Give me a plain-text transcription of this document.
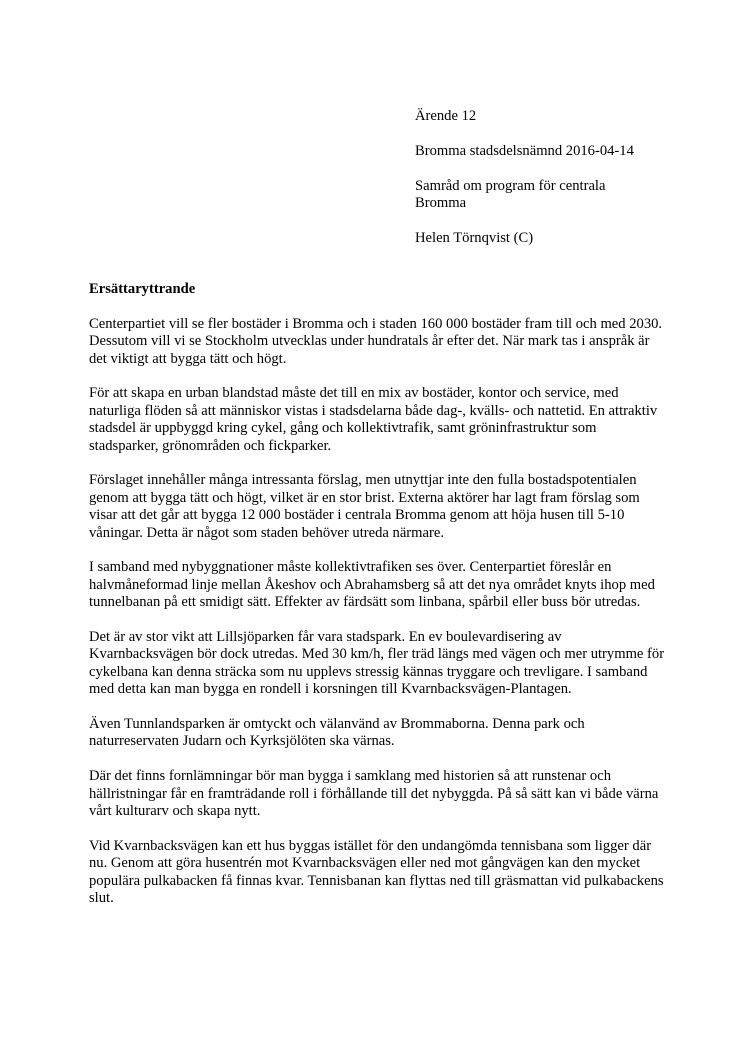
Ärende 12

Bromma stadsdelsnämnd 2016-04-14

Samråd om program för centrala
Bromma

Helen Törnqvist (C)

Ersättaryttrande

Centerpartiet vill se fler bostäder i Bromma och i staden 160 000 bostäder fram till och med 2030. Dessutom vill vi se Stockholm utvecklas under hundratals år efter det. När mark tas i anspråk är det viktigt att bygga tätt och högt.

För att skapa en urban blandstad måste det till en mix av bostäder, kontor och service, med naturliga flöden så att människor vistas i stadsdelarna både dag-, kvälls- och nattetid. En attraktiv stadsdel är uppbyggd kring cykel, gång och kollektivtrafik, samt gröninfrastruktur som stadsparker, grönområden och fickparker.

Förslaget innehåller många intressanta förslag, men utnyttjar inte den fulla bostadspotentialen genom att bygga tätt och högt, vilket är en stor brist. Externa aktörer har lagt fram förslag som visar att det går att bygga 12 000 bostäder i centrala Bromma genom att höja husen till 5-10 våningar. Detta är något som staden behöver utreda närmare.

I samband med nybyggnationer måste kollektivtrafiken ses över. Centerpartiet föreslår en halvmåneformad linje mellan Åkeshov och Abrahamsberg så att det nya området knyts ihop med tunnelbanan på ett smidigt sätt. Effekter av färdsätt som linbana, spårbil eller buss bör utredas.

Det är av stor vikt att Lillsjöparken får vara stadspark. En ev boulevardisering av Kvarnbacksvägen bör dock utredas. Med 30 km/h, fler träd längs med vägen och mer utrymme för cykelbana kan denna sträcka som nu upplevs stressig kännas tryggare och trevligare. I samband med detta kan man bygga en rondell i korsningen till Kvarnbacksvägen-Plantagen.

Även Tunnlandsparken är omtyckt och välanvänd av Brommaborna. Denna park och naturreservaten Judarn och Kyrksjölöten ska värnas.

Där det finns fornlämningar bör man bygga i samklang med historien så att runstenar och hällristningar får en framträdande roll i förhållande till det nybyggda. På så sätt kan vi både värna vårt kulturarv och skapa nytt.

Vid Kvarnbacksvägen kan ett hus byggas istället för den undangömda tennisbana som ligger där nu. Genom att göra husentrén mot Kvarnbacksvägen eller ned mot gångvägen kan den mycket populära pulkabacken få finnas kvar. Tennisbanan kan flyttas ned till gräsmattan vid pulkabackens slut.
